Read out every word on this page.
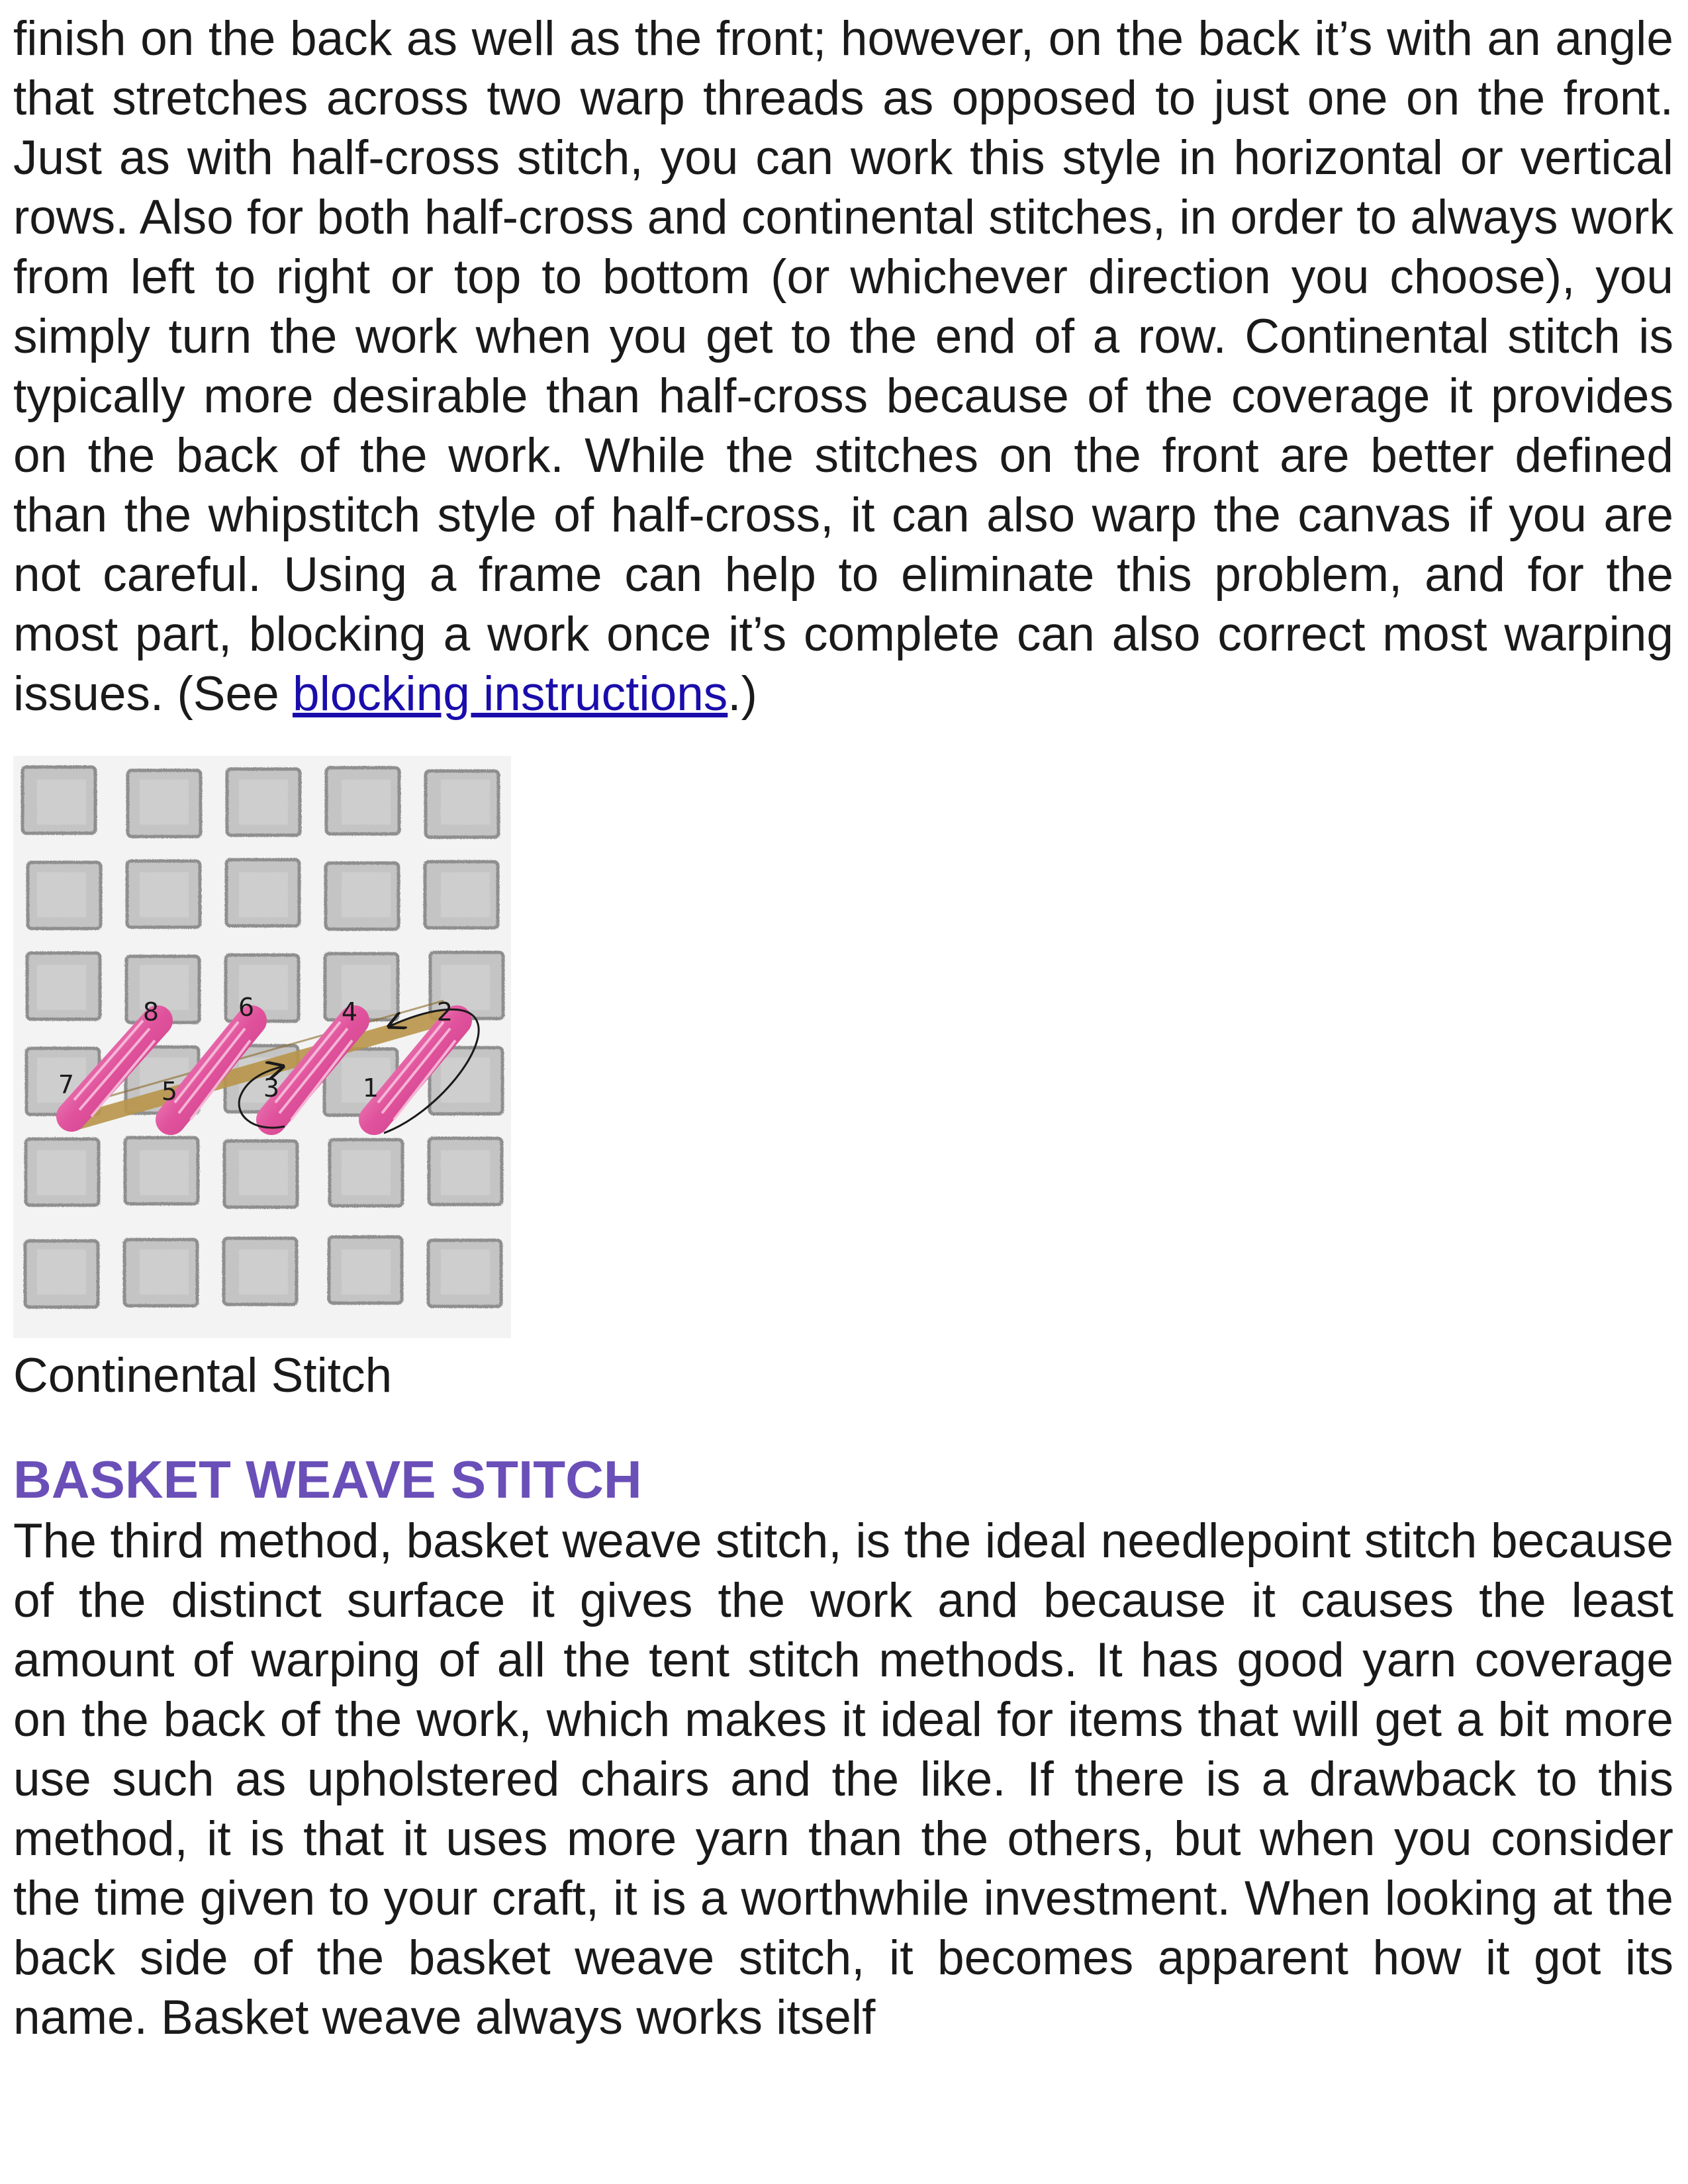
finish on the back as well as the front; however, on the back it’s with an angle that stretches across two warp threads as opposed to just one on the front. Just as with half-cross stitch, you can work this style in horizontal or vertical rows. Also for both half-cross and continental stitches, in order to always work from left to right or top to bottom (or whichever direction you choose), you simply turn the work when you get to the end of a row. Continental stitch is typically more desirable than half-cross because of the coverage it provides on the back of the work. While the stitches on the front are better defined than the whipstitch style of half-cross, it can also warp the canvas if you are not careful. Using a frame can help to eliminate this problem, and for the most part, blocking a work once it’s complete can also correct most warping issues. (See blocking instructions.)

8	6	4	2
7	5	3	1
Continental Stitch
BASKET WEAVE STITCH

The third method, basket weave stitch, is the ideal needlepoint stitch because of the distinct surface it gives the work and because it causes the least amount of warping of all the tent stitch methods. It has good yarn coverage on the back of the work, which makes it ideal for items that will get a bit more use such as upholstered chairs and the like. If there is a drawback to this method, it is that it uses more yarn than the others, but when you consider the time given to your craft, it is a worthwhile investment. When looking at the back side of the basket weave stitch, it becomes apparent how it got its name. Basket weave always works itself
